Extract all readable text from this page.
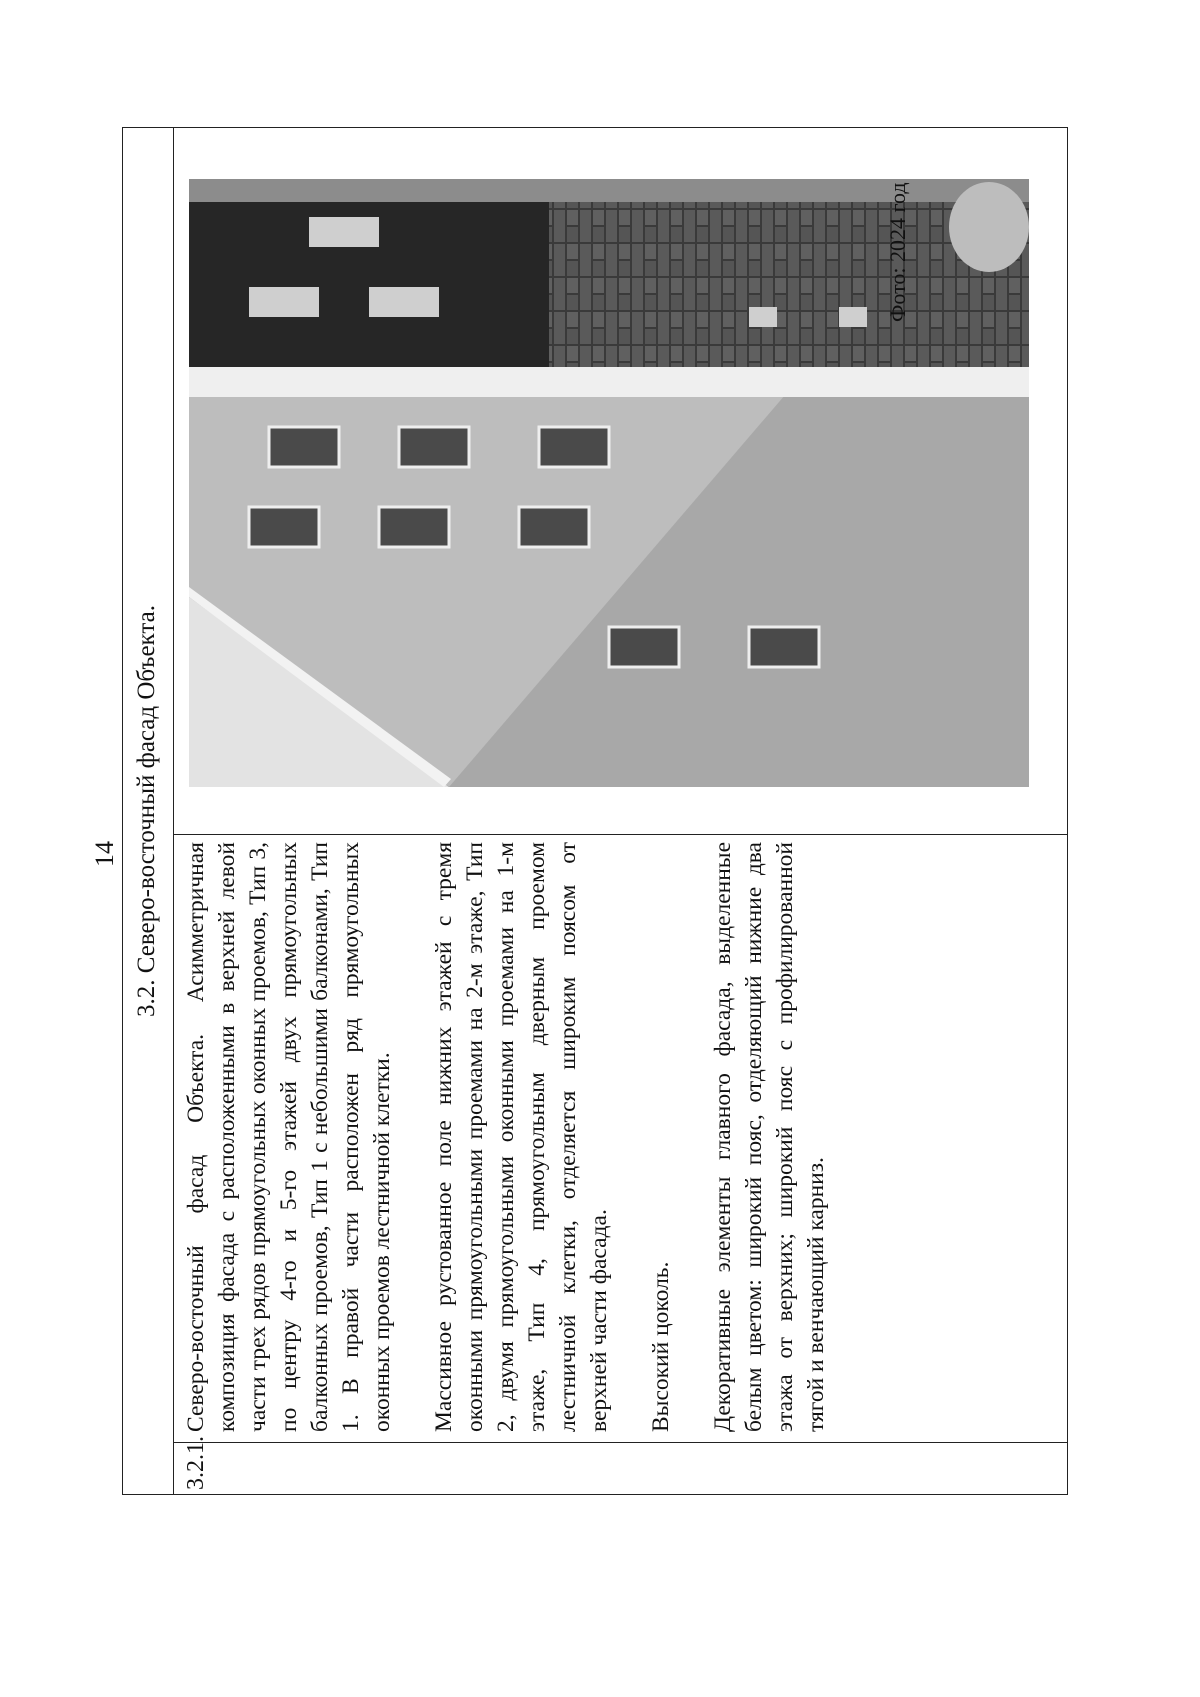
14 3.2. Северо-восточный фасад Объекта.
3.2.1.

Северо-восточный фасад Объекта. Асимметричная композиция фасада с расположенными в верхней левой части трех рядов прямоугольных оконных проемов, Тип 3, по центру 4-го и 5-го этажей двух прямоугольных балконных проемов, Тип 1 с небольшими балконами, Тип 1. В правой части расположен ряд прямоугольных оконных проемов лестничной клетки. Массивное рустованное поле нижних этажей с тремя оконными прямоугольными проемами на 2-м этаже, Тип 2, двумя прямоугольными оконными проемами на 1-м этаже, Тип 4, прямоугольным дверным проемом лестничной клетки, отделяется широким поясом от верхней части фасада. Высокий цоколь. Декоративные элементы главного фасада, выделенные белым цветом: широкий пояс, отделяющий нижние два этажа от верхних; широкий пояс с профилированной тягой и венчающий карниз.

Фото: 2024 год
